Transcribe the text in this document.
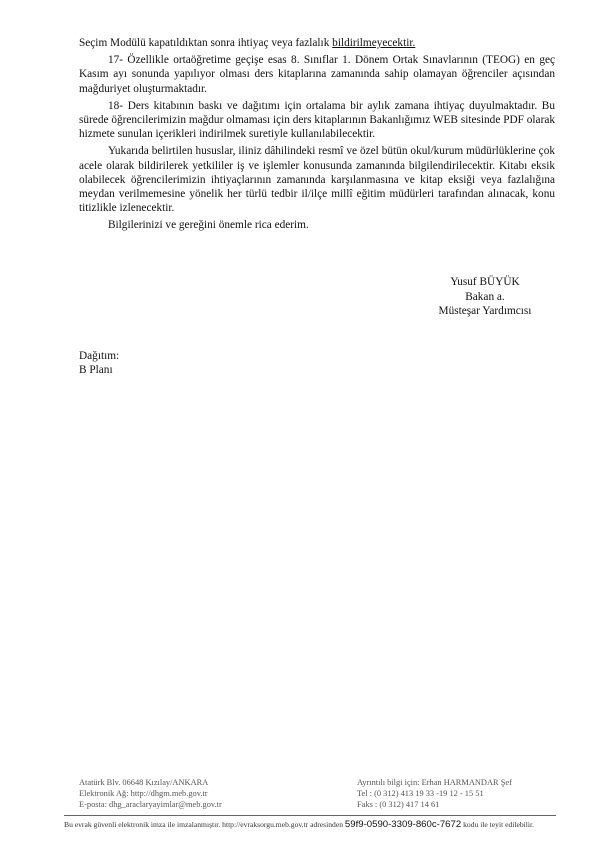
Seçim Modülü kapatıldıktan sonra ihtiyaç veya fazlalık bildirilmeyecektir.

17- Özellikle ortaöğretime geçişe esas 8. Sınıflar 1. Dönem Ortak Sınavlarının (TEOG) en geç Kasım ayı sonunda yapılıyor olması ders kitaplarına zamanında sahip olamayan öğrenciler açısından mağduriyet oluşturmaktadır.

18- Ders kitabının baskı ve dağıtımı için ortalama bir aylık zamana ihtiyaç duyulmaktadır. Bu sürede öğrencilerimizin mağdur olmaması için ders kitaplarının Bakanlığımız WEB sitesinde PDF olarak hizmete sunulan içerikleri indirilmek suretiyle kullanılabilecektir.

Yukarıda belirtilen hususlar, iliniz dâhilindeki resmî ve özel bütün okul/kurum müdürlüklerine çok acele olarak bildirilerek yetkililer iş ve işlemler konusunda zamanında bilgilendirilecektir. Kitabı eksik olabilecek öğrencilerimizin ihtiyaçlarının zamanında karşılanmasına ve kitap eksiği veya fazlalığına meydan verilmemesine yönelik her türlü tedbir il/ilçe millî eğitim müdürleri tarafından alınacak, konu titizlikle izlenecektir.

Bilgilerinizi ve gereğini önemle rica ederim.

Yusuf BÜYÜK
Bakan a.
Müsteşar Yardımcısı
Dağıtım:
B Planı
Atatürk Blv. 06648 Kızılay/ANKARA
Elektronik Ağ: http://dhgm.meb.gov.tr
E-posta: dhg_araclaryayimlar@meb.gov.tr
Ayrıntılı bilgi için: Erhan HARMANDAR Şef
Tel : (0 312) 413 19 33 -19 12 - 15 51
Faks : (0 312) 417 14 61
Bu evrak güvenli elektronik imza ile imzalanmıştır. http://evraksorgu.meb.gov.tr adresinden 59f9-0590-3309-860c-7672 kodu ile teyit edilebilir.
